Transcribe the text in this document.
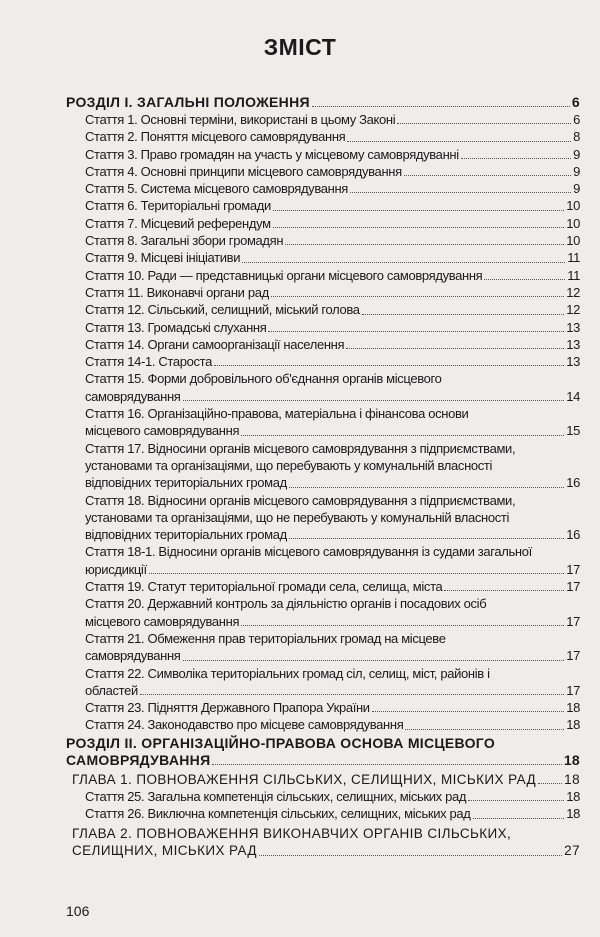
ЗМІСТ
РОЗДІЛ І. ЗАГАЛЬНІ ПОЛОЖЕННЯ	6
Стаття 1. Основні терміни, використані в цьому Законі	6
Стаття 2. Поняття місцевого самоврядування	8
Стаття 3. Право громадян на участь у місцевому самоврядуванні	9
Стаття 4. Основні принципи місцевого самоврядування	9
Стаття 5. Система місцевого самоврядування	9
Стаття 6. Територіальні громади	10
Стаття 7. Місцевий референдум	10
Стаття 8. Загальні збори громадян	10
Стаття 9. Місцеві ініціативи	11
Стаття 10. Ради — представницькі органи місцевого самоврядування	11
Стаття 11. Виконавчі органи рад	12
Стаття 12. Сільський, селищний, міський голова	12
Стаття 13. Громадські слухання	13
Стаття 14. Органи самоорганізації населення	13
Стаття 14-1. Староста	13
Стаття 15. Форми добровільного об'єднання органів місцевого
самоврядування	14
Стаття 16. Організаційно-правова, матеріальна і фінансова основи
місцевого самоврядування	15
Стаття 17. Відносини органів місцевого самоврядування з підприємствами,
установами та організаціями, що перебувають у комунальній власності
відповідних територіальних громад	16
Стаття 18. Відносини органів місцевого самоврядування з підприємствами,
установами та організаціями, що не перебувають у комунальній власності
відповідних територіальних громад	16
Стаття 18-1. Відносини органів місцевого самоврядування із судами загальної
юрисдикції	17
Стаття 19. Статут територіальної громади села, селища, міста	17
Стаття 20. Державний контроль за діяльністю органів і посадових осіб
місцевого самоврядування	17
Стаття 21. Обмеження прав територіальних громад на місцеве
самоврядування	17
Стаття 22. Символіка територіальних громад сіл, селищ, міст, районів і
областей	17
Стаття 23. Підняття Державного Прапора України	18
Стаття 24. Законодавство про місцеве самоврядування	18
РОЗДІЛ ІІ. ОРГАНІЗАЦІЙНО-ПРАВОВА ОСНОВА МІСЦЕВОГО
САМОВРЯДУВАННЯ	18
ГЛАВА 1. ПОВНОВАЖЕННЯ СІЛЬСЬКИХ, СЕЛИЩНИХ, МІСЬКИХ РАД 18
Стаття 25. Загальна компетенція сільських, селищних, міських рад	18
Стаття 26. Виключна компетенція сільських, селищних, міських рад	18
ГЛАВА 2. ПОВНОВАЖЕННЯ ВИКОНАВЧИХ ОРГАНІВ СІЛЬСЬКИХ,
СЕЛИЩНИХ, МІСЬКИХ РАД	27
106
